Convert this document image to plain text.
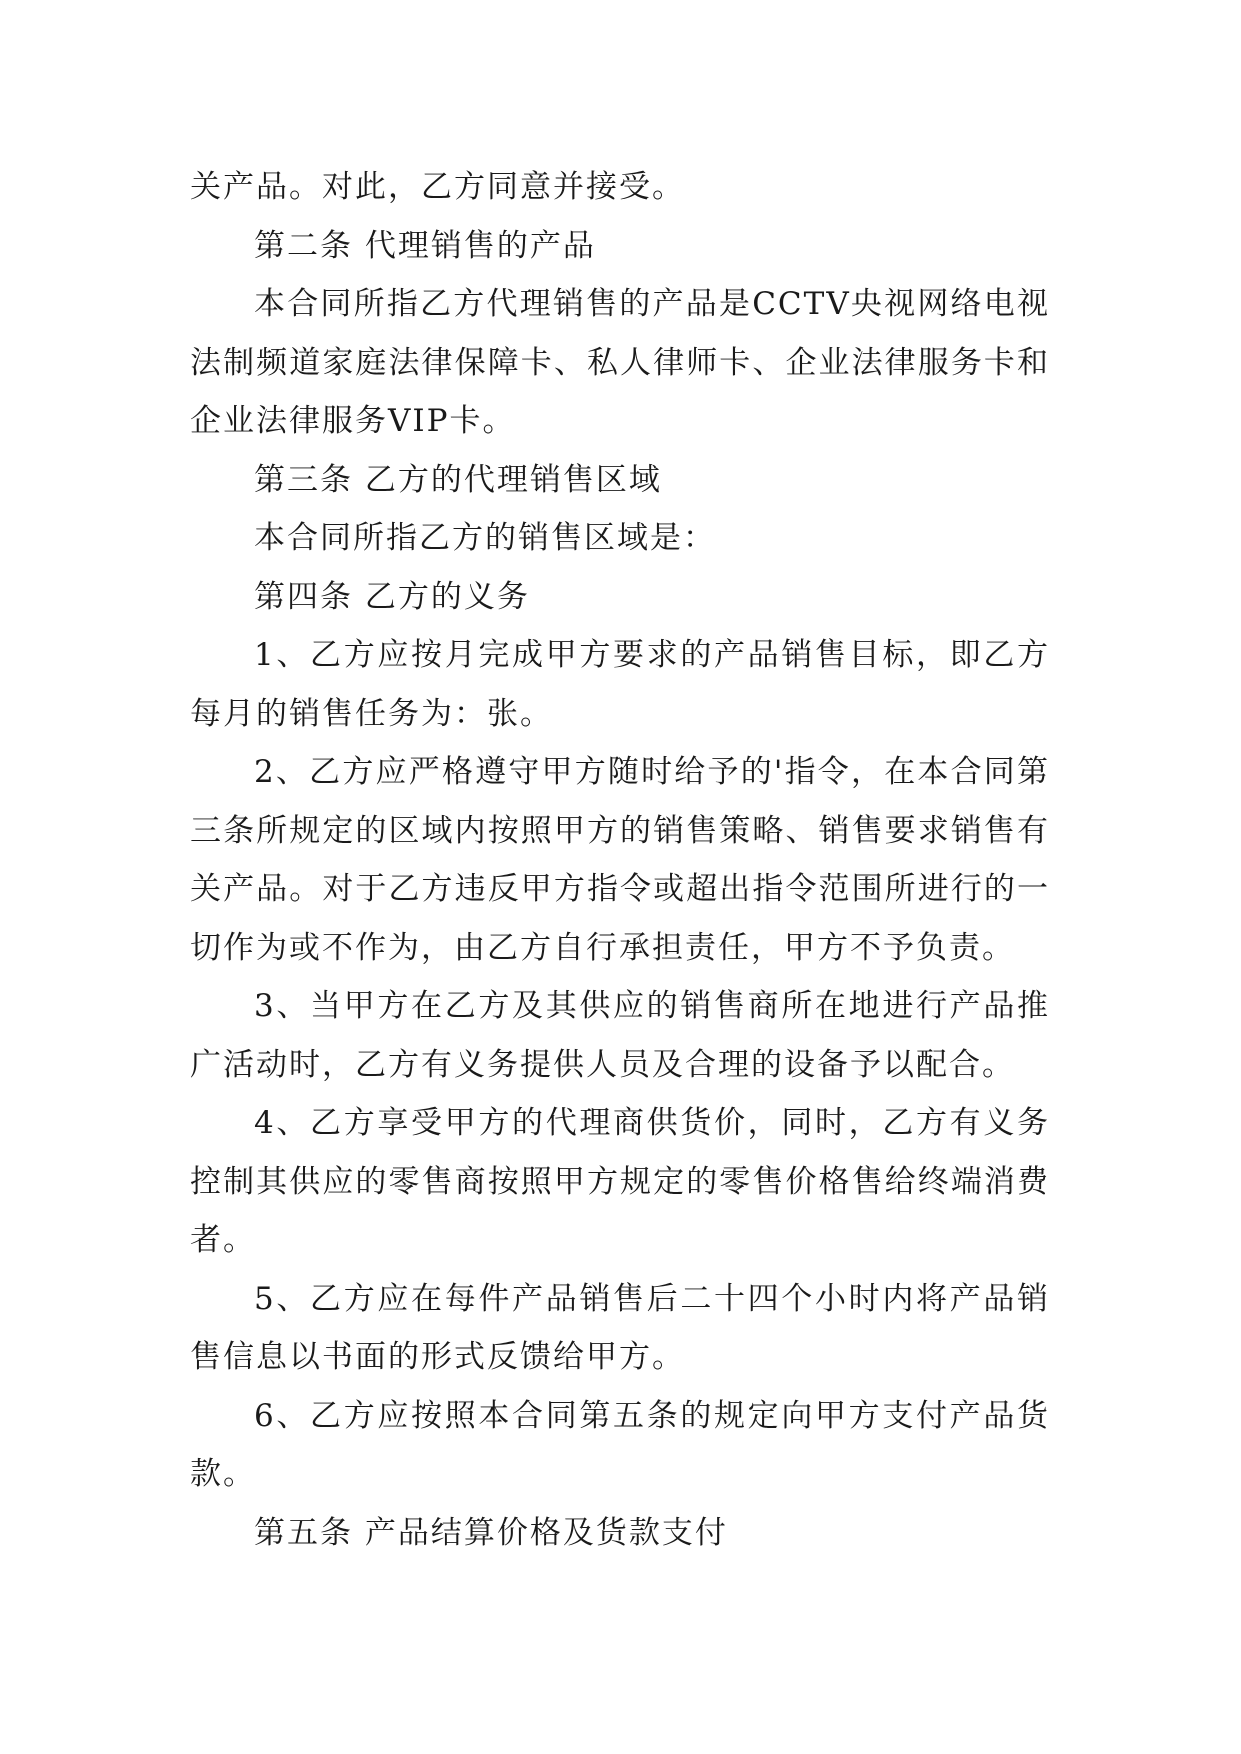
关产品。对此，乙方同意并接受。

第二条 代理销售的产品

本合同所指乙方代理销售的产品是CCTV央视网络电视法制频道家庭法律保障卡、私人律师卡、企业法律服务卡和企业法律服务VIP卡。

第三条 乙方的代理销售区域

本合同所指乙方的销售区域是：

第四条 乙方的义务

1、乙方应按月完成甲方要求的产品销售目标，即乙方每月的销售任务为：张。

2、乙方应严格遵守甲方随时给予的'指令，在本合同第三条所规定的区域内按照甲方的销售策略、销售要求销售有关产品。对于乙方违反甲方指令或超出指令范围所进行的一切作为或不作为，由乙方自行承担责任，甲方不予负责。

3、当甲方在乙方及其供应的销售商所在地进行产品推广活动时，乙方有义务提供人员及合理的设备予以配合。

4、乙方享受甲方的代理商供货价，同时，乙方有义务控制其供应的零售商按照甲方规定的零售价格售给终端消费者。

5、乙方应在每件产品销售后二十四个小时内将产品销售信息以书面的形式反馈给甲方。

6、乙方应按照本合同第五条的规定向甲方支付产品货款。

第五条 产品结算价格及货款支付
